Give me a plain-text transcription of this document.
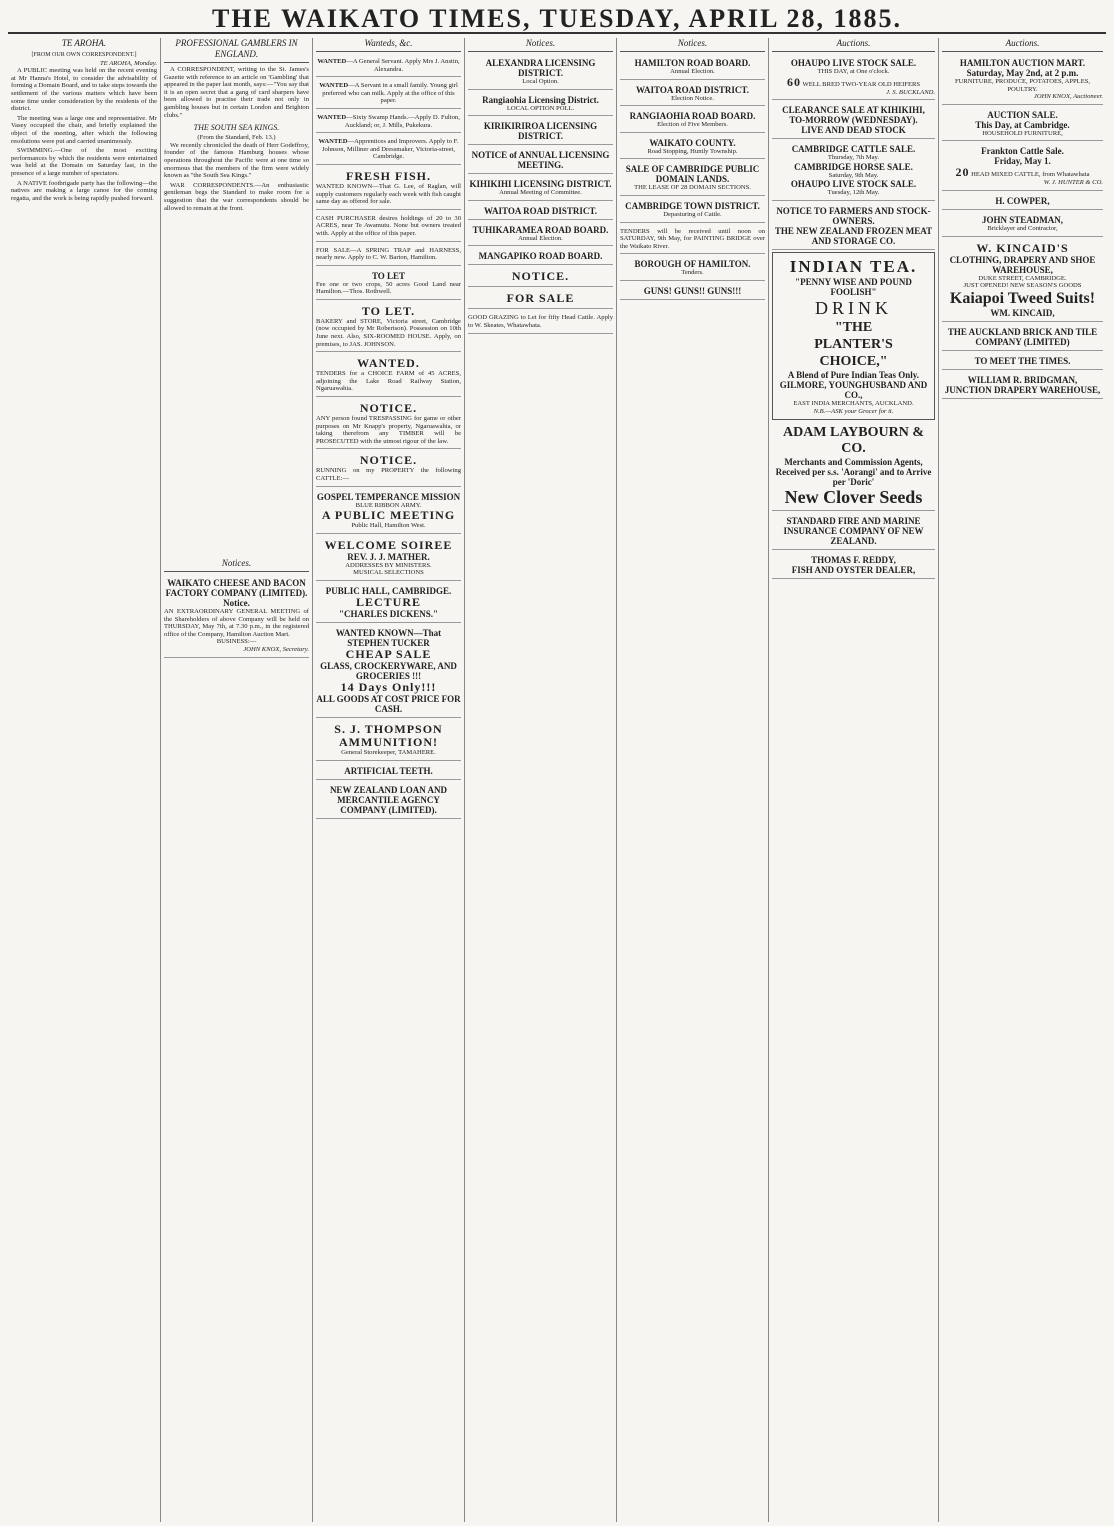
THE WAIKATO TIMES, TUESDAY, APRIL 28, 1885.
TE AROHA.
[FROM OUR OWN CORRESPONDENT.]
TE AROHA, Monday.

A PUBLIC meeting was held on the recent evening at Mr Hanna's Hotel, to consider the advisability of forming a Domain Board, and to take steps towards the settlement of the various matters which have been some time under consideration by the residents of the district.

The meeting was a large one and representative. Mr Vasey occupied the chair, and briefly explained the object of the meeting, after which the following resolutions were put and carried unanimously.

SWIMMING.—One of the most exciting performances by which the residents were entertained was held at the Domain on Saturday last, in the presence of a large number of spectators.

A NATIVE footbrigade party has the following—the natives are making a large canoe for the coming regatta, and the work is being rapidly pushed forward.

PROFESSIONAL GAMBLERS IN ENGLAND.

A CORRESPONDENT, writing to the St. James's Gazette with reference to an article on 'Gambling' that appeared in the paper last month, says:—"You say that it is an open secret that a gang of card sharpers have been allowed to practise their trade not only in gambling houses but in certain London and Brighton clubs."

THE SOUTH SEA KINGS.
(From the Standard, Feb. 13.)

We recently chronicled the death of Herr Godeffroy, founder of the famous Hamburg houses whose operations throughout the Pacific were at one time so enormous that the members of the firm were widely known as "the South Sea Kings."

WAR CORRESPONDENTS.—An enthusiastic gentleman begs the Standard to make room for a suggestion that the war correspondents should be allowed to remain at the front.

Wanteds, &c.
WANTED—A General Servant. Apply Mrs J. Anstin, Alexandra.
WANTED—A Servant in a small family. Young girl preferred who can milk. Apply at the office of this paper.
WANTED—Sixty Swamp Hands.—Apply D. Fulton, Auckland; or, J. Mills, Pukekura.
WANTED—Apprentices and Improvers. Apply to F. Johnson, Milliner and Dressmaker, Victoria-street, Cambridge.
FRESH FISH.
WANTED KNOWN—That G. Lee, of Raglan, will supply customers regularly each week with fish caught same day as offered for sale.
CASH PURCHASER desires holdings of 20 to 30 ACRES, near Te Awamutu. None but owners treated with. Apply at the office of this paper.
FOR SALE—A SPRING TRAP and HARNESS, nearly new. Apply to C. W. Barton, Hamilton.
TO LET
Fee one or two crops, 50 acres Good Land near Hamilton.—Thos. Rothwell.
TO LET.
BAKERY and STORE, Victoria street, Cambridge (now occupied by Mr Robertson). Possession on 10th June next. Also, SIX-ROOMED HOUSE. Apply, on premises, to JAS. JOHNSON.
WANTED.
TENDERS for a CHOICE FARM of 45 ACRES, adjoining the Lake Road Railway Station, Ngaruawahia.
NOTICE.
ANY person found TRESPASSING for game or other purposes on Mr Knapp's property, Ngaruawahia, or taking therefrom any TIMBER will be PROSECUTED with the utmost rigour of the law.
NOTICE.
RUNNING on my PROPERTY the following CATTLE:—
GOSPEL TEMPERANCE MISSION
BLUE RIBBON ARMY.
A PUBLIC MEETING
Public Hall, Hamilton West.
WELCOME SOIREE
REV. J. J. MATHER.
ADDRESSES BY MINISTERS.
MUSICAL SELECTIONS
PUBLIC HALL, CAMBRIDGE.
LECTURE
"CHARLES DICKENS."
WANTED KNOWN—That
STEPHEN TUCKER
CHEAP SALE
GLASS, CROCKERYWARE, AND GROCERIES !!!
14 Days Only!!!
ALL GOODS AT COST PRICE FOR CASH.
S. J. THOMPSON
AMMUNITION!
General Storekeeper, TAMAHERE.
ARTIFICIAL TEETH.
NEW ZEALAND LOAN AND MERCANTILE AGENCY COMPANY (LIMITED).
Notices.
WAIKATO CHEESE AND BACON FACTORY COMPANY (LIMITED).
Notice.
AN EXTRAORDINARY GENERAL MEETING of the Shareholders of above Company will be held on THURSDAY, May 7th, at 7.30 p.m., in the registered office of the Company, Hamilton Auction Mart.
BUSINESS:—
JOHN KNOX, Secretary.
Notices.
ALEXANDRA LICENSING DISTRICT.
Local Option.
Rangiaohia Licensing District.
LOCAL OPTION POLL.
KIRIKIRIROA LICENSING DISTRICT.
NOTICE of ANNUAL LICENSING MEETING.
KIHIKIHI LICENSING DISTRICT.
Annual Meeting of Committee.
WAITOA ROAD DISTRICT.
TUHIKARAMEA ROAD BOARD.
Annual Election.
MANGAPIKO ROAD BOARD.
NOTICE.
FOR SALE
GOOD GRAZING to Let for fifty Head Cattle. Apply to W. Skeates, Whatawhata.
Notices.
HAMILTON ROAD BOARD.
Annual Election.
WAITOA ROAD DISTRICT.
Election Notice.
RANGIAOHIA ROAD BOARD.
Election of Five Members.
WAIKATO COUNTY.
Road Stopping, Huntly Township.
SALE OF CAMBRIDGE PUBLIC DOMAIN LANDS.
THE LEASE OF 28 DOMAIN SECTIONS.
CAMBRIDGE TOWN DISTRICT.
Depasturing of Cattle.
TENDERS will be received until noon on SATURDAY, 9th May, for PAINTING BRIDGE over the Waikato River.
BOROUGH OF HAMILTON.
Tenders.
GUNS! GUNS!! GUNS!!!
Auctions.
OHAUPO LIVE STOCK SALE.
THIS DAY, at One o'clock.
60 WELL BRED TWO-YEAR OLD HEIFERS
J. S. BUCKLAND.
CLEARANCE SALE AT KIHIKIHI,
TO-MORROW (WEDNESDAY).
LIVE AND DEAD STOCK
CAMBRIDGE CATTLE SALE.
Thursday, 7th May.
CAMBRIDGE HORSE SALE.
Saturday, 9th May.
OHAUPO LIVE STOCK SALE.
Tuesday, 12th May.
NOTICE TO FARMERS AND STOCK-OWNERS.
THE NEW ZEALAND FROZEN MEAT AND STORAGE CO.
INDIAN TEA.
"PENNY WISE AND POUND FOOLISH"
DRINK
"THE
PLANTER'S
CHOICE,"
A Blend of Pure Indian Teas Only.
GILMORE, YOUNGHUSBAND AND CO.,
EAST INDIA MERCHANTS, AUCKLAND.
N.B.—ASK your Grocer for it.
ADAM LAYBOURN & CO.
Merchants and Commission Agents,
Received per s.s. 'Aorangi' and to Arrive per 'Doric'
New Clover Seeds
STANDARD FIRE AND MARINE INSURANCE COMPANY OF NEW ZEALAND.
THOMAS F. REDDY,
FISH AND OYSTER DEALER,
Auctions.
HAMILTON AUCTION MART.
Saturday, May 2nd, at 2 p.m.
FURNITURE, PRODUCE, POTATOES, APPLES, POULTRY.
JOHN KNOX, Auctioneer.
AUCTION SALE.
This Day, at Cambridge.
HOUSEHOLD FURNITURE,
Frankton Cattle Sale.
Friday, May 1.
20 HEAD MIXED CATTLE, from Whatawhata
W. J. HUNTER & CO.
H. COWPER,
JOHN STEADMAN,
Bricklayer and Contractor,
W. KINCAID'S
CLOTHING, DRAPERY AND SHOE WAREHOUSE,
DUKE STREET, CAMBRIDGE.
JUST OPENED! NEW SEASON'S GOODS
Kaiapoi Tweed Suits!
WM. KINCAID,
THE AUCKLAND BRICK AND TILE COMPANY (LIMITED)
TO MEET THE TIMES.
WILLIAM R. BRIDGMAN,
JUNCTION DRAPERY WAREHOUSE,
